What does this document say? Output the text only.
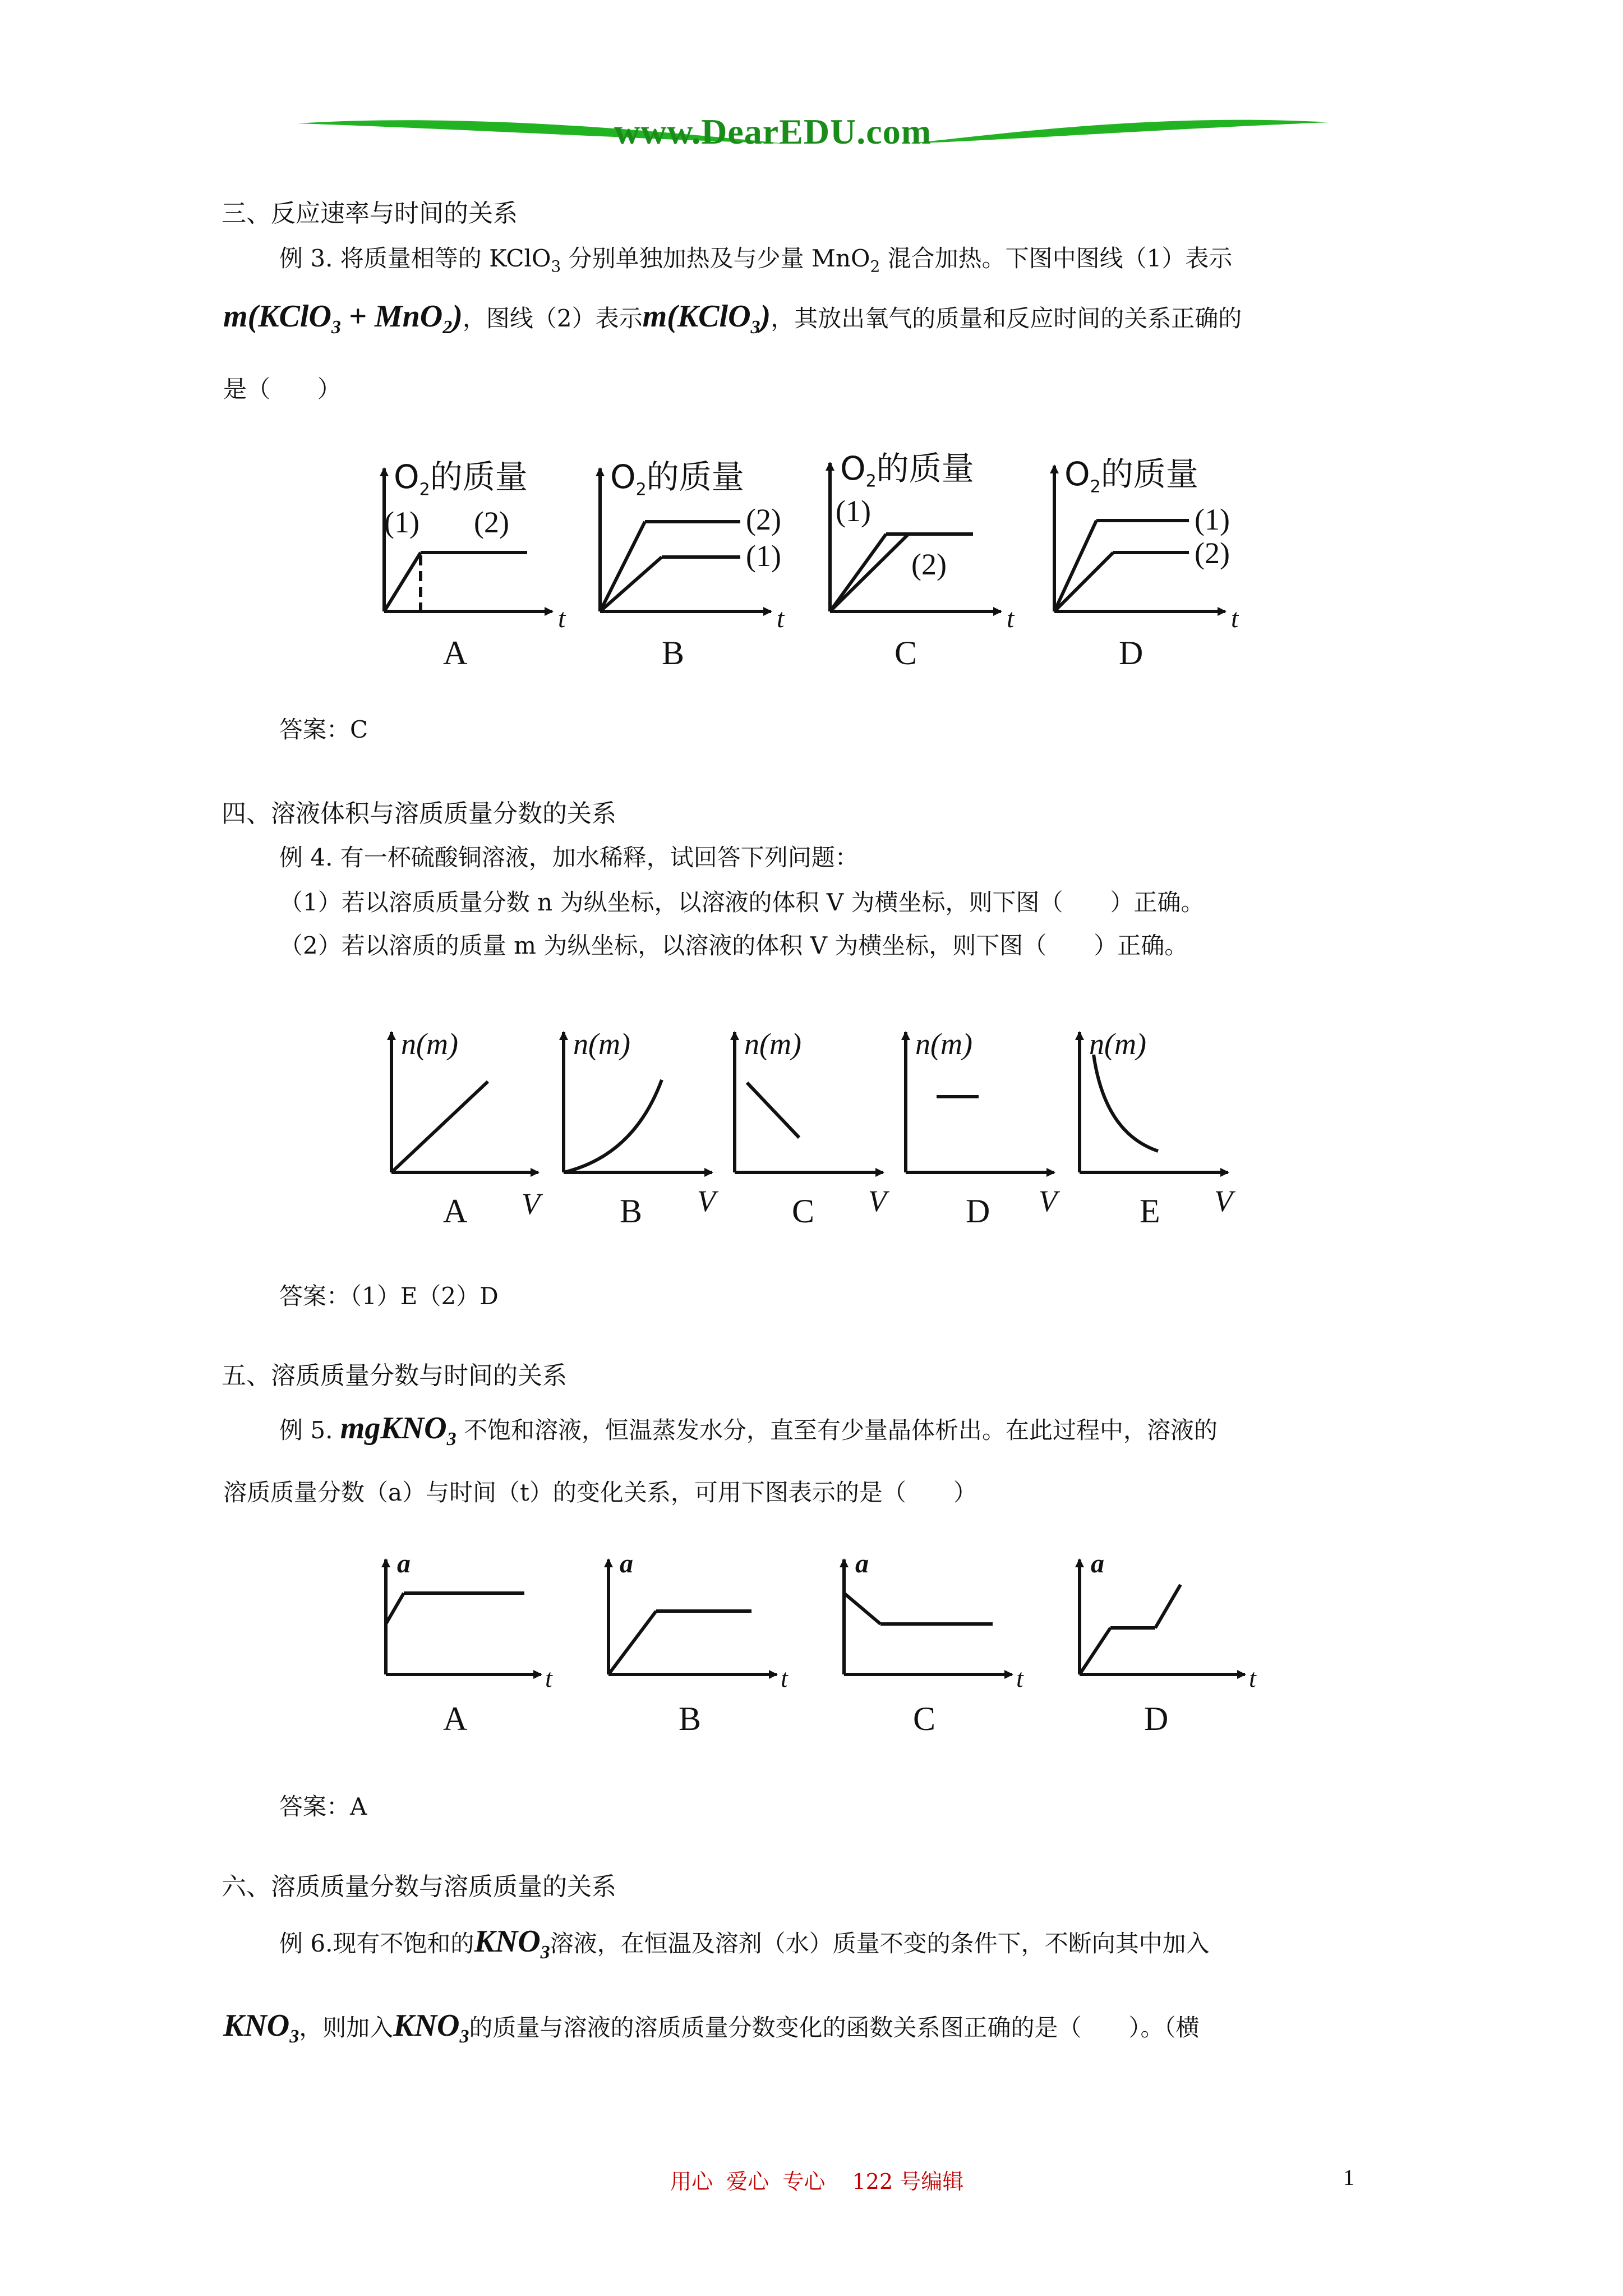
www.DearEDU.com
三、反应速率与时间的关系
例 3. 将质量相等的 KClO$_3$ 分别单独加热及与少量 MnO$_2$ 混合加热。下图中图线（1）表示
m(KClO$_3$ + MnO$_2$)，图线（2）表示m(KClO$_3$)，其放出氧气的质量和反应时间的关系正确的
是（　　）
$O_2$的质量
(1) (2)
t
A
$O_2$的质量
(2)
(1)
t
B
$O_2$的质量
(1)
(2)
t
C
$O_2$的质量
(1)
(2)
t
D
答案：C
四、溶液体积与溶质质量分数的关系
例 4. 有一杯硫酸铜溶液，加水稀释，试回答下列问题：
（1）若以溶质质量分数 n 为纵坐标，以溶液的体积 V 为横坐标，则下图（　　）正确。
（2）若以溶质的质量 m 为纵坐标，以溶液的体积 V 为横坐标，则下图（　　）正确。
n(m)	n(m)	n(m)	n(m)	n(m)
V	V	V	V	V
A	B	C	D	E
答案：（1）E（2）D
五、溶质质量分数与时间的关系
例 5. mgKNO$_3$ 不饱和溶液，恒温蒸发水分，直至有少量晶体析出。在此过程中，溶液的
溶质质量分数（a）与时间（t）的变化关系，可用下图表示的是（　　）
a	a	a	a
t	t	t	t
A	B	C	D
答案：A
六、溶质质量分数与溶质质量的关系
例 6.现有不饱和的$KNO_3$溶液，在恒温及溶剂（水）质量不变的条件下，不断向其中加入
$KNO_3$，则加入$KNO_3$的质量与溶液的溶质质量分数变化的函数关系图正确的是（　　）。（横
用心  爱心  专心    122 号编辑	1
